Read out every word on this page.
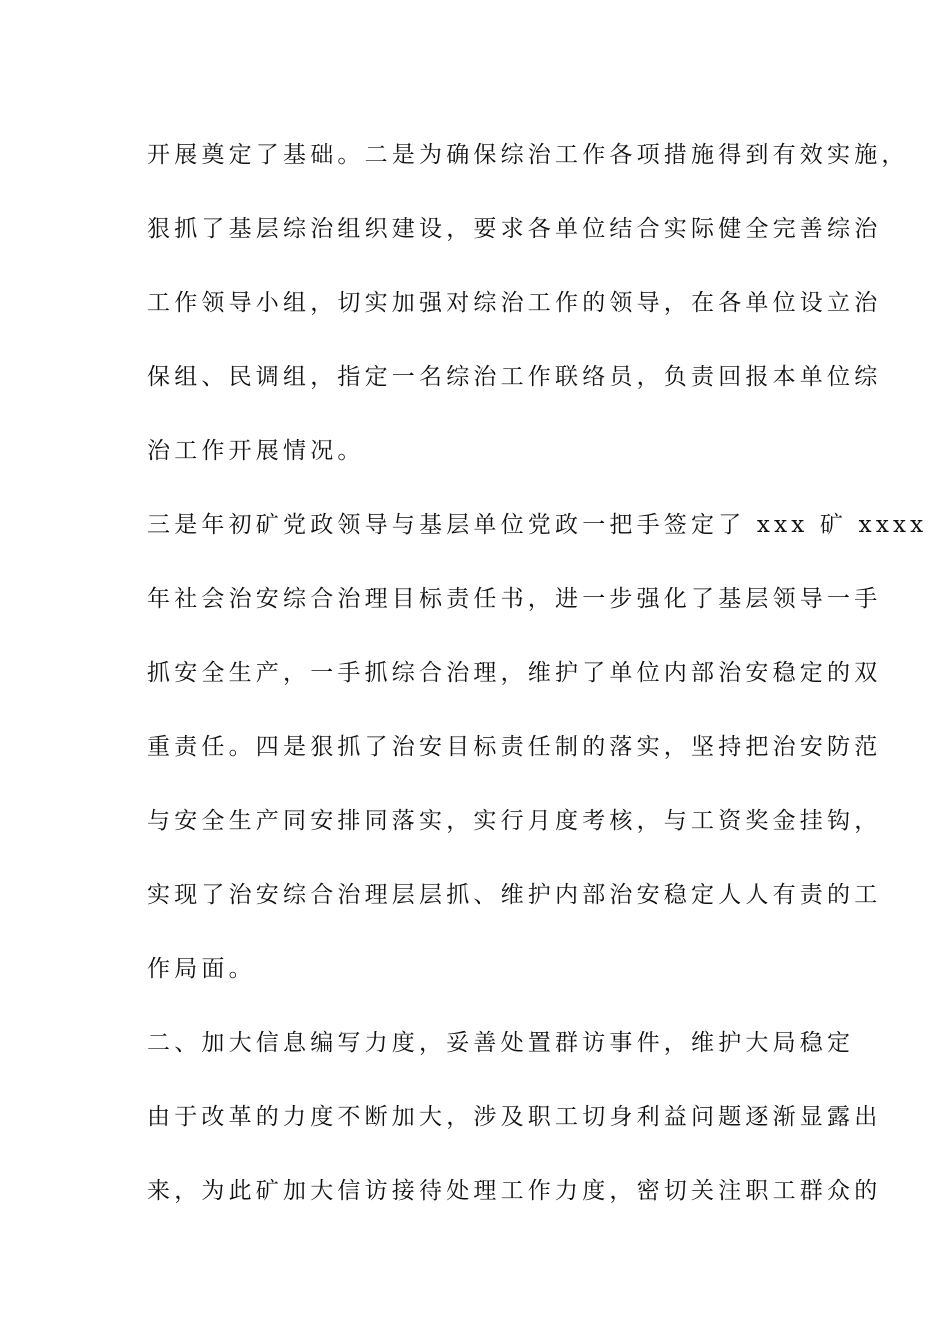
开展奠定了基础。二是为确保综治工作各项措施得到有效实施，
狠抓了基层综治组织建设，要求各单位结合实际健全完善综治
工作领导小组，切实加强对综治工作的领导，在各单位设立治
保组、民调组，指定一名综治工作联络员，负责回报本单位综
治工作开展情况。
三是年初矿党政领导与基层单位党政一把手签定了 xxx 矿 xxxx
年社会治安综合治理目标责任书，进一步强化了基层领导一手
抓安全生产，一手抓综合治理，维护了单位内部治安稳定的双
重责任。四是狠抓了治安目标责任制的落实，坚持把治安防范
与安全生产同安排同落实，实行月度考核，与工资奖金挂钩，
实现了治安综合治理层层抓、维护内部治安稳定人人有责的工
作局面。
二、加大信息编写力度，妥善处置群访事件，维护大局稳定
由于改革的力度不断加大，涉及职工切身利益问题逐渐显露出
来，为此矿加大信访接待处理工作力度，密切关注职工群众的
